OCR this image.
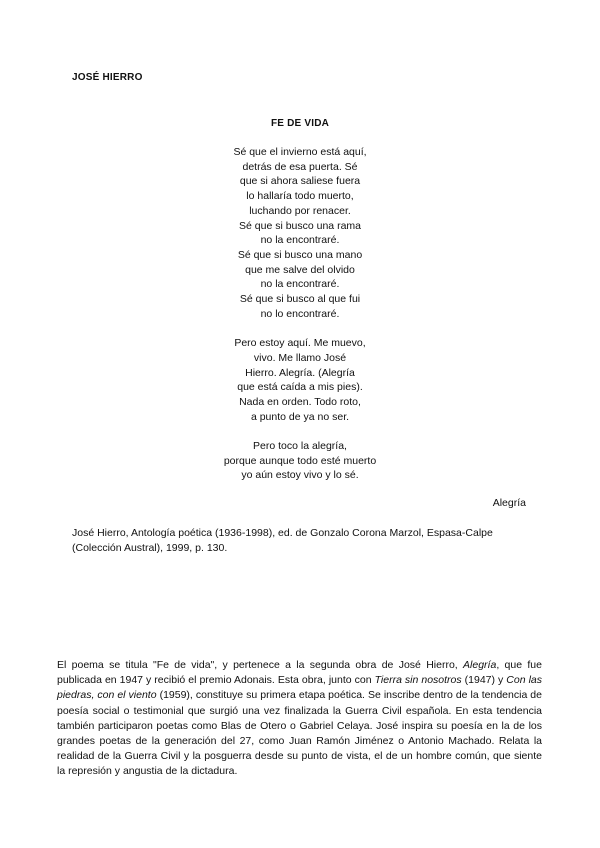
JOSÉ HIERRO
FE DE VIDA
Sé que el invierno está aquí,
detrás de esa puerta. Sé
que si ahora saliese fuera
lo hallaría todo muerto,
luchando por renacer.
Sé que si busco una rama
no la encontraré.
Sé que si busco una mano
que me salve del olvido
no la encontraré.
Sé que si busco al que fui
no lo encontraré.
Pero estoy aquí. Me muevo,
vivo. Me llamo José
Hierro. Alegría. (Alegría
que está caída a mis pies).
Nada en orden. Todo roto,
a punto de ya no ser.
Pero toco la alegría,
porque aunque todo esté muerto
yo aún estoy vivo y lo sé.
Alegría
José Hierro, Antología poética (1936-1998), ed. de Gonzalo Corona Marzol, Espasa-Calpe
(Colección Austral), 1999, p. 130.
El poema se titula "Fe de vida", y pertenece a la segunda obra de José Hierro, Alegría, que fue publicada en 1947 y recibió el premio Adonais. Esta obra, junto con Tierra sin nosotros (1947) y Con las piedras, con el viento (1959), constituye su primera etapa poética. Se inscribe dentro de la tendencia de poesía social o testimonial que surgió una vez finalizada la Guerra Civil española. En esta tendencia también participaron poetas como Blas de Otero o Gabriel Celaya. José inspira su poesía en la de los grandes poetas de la generación del 27, como Juan Ramón Jiménez o Antonio Machado. Relata la realidad de la Guerra Civil y la posguerra desde su punto de vista, el de un hombre común, que siente la represión y angustia de la dictadura.
